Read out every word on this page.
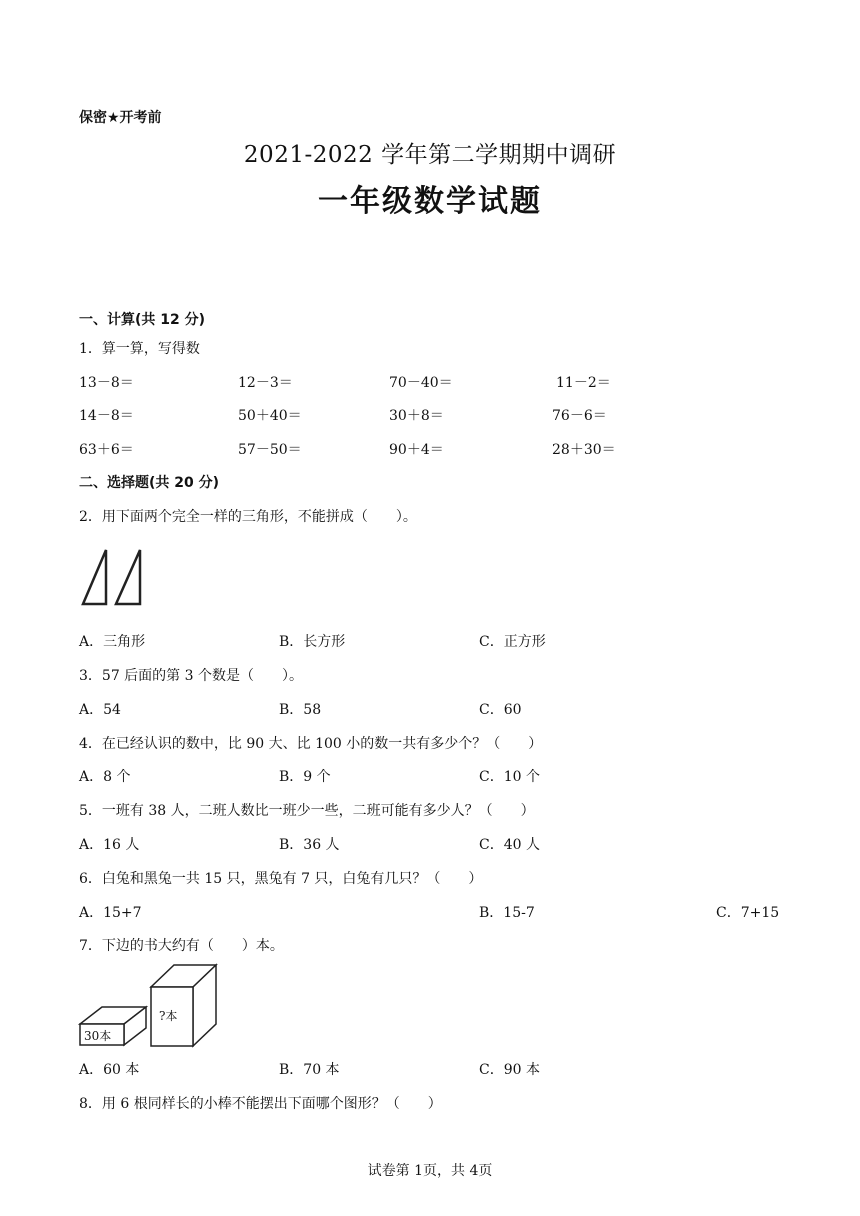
保密★开考前
2021-2022 学年第二学期期中调研
一年级数学试题
一、计算(共 12 分)
1．算一算，写得数
13－8＝	12－3＝	70－40＝	11－2＝
14－8＝	50＋40＝	30＋8＝	76－6＝
63＋6＝	57－50＝	90＋4＝	28＋30＝
二、选择题(共 20 分)
2．用下面两个完全一样的三角形，不能拼成（　　）。
A．三角形	B．长方形	C．正方形
3．57 后面的第 3 个数是（　　）。
A．54	B．58	C．60
4．在已经认识的数中，比 90 大、比 100 小的数一共有多少个？（　　）
A．8 个	B．9 个	C．10 个
5．一班有 38 人，二班人数比一班少一些，二班可能有多少人？（　　）
A．16 人	B．36 人	C．40 人
6．白兔和黑兔一共 15 只，黑兔有 7 只，白兔有几只？（　　）
A．15+7	B．15-7	C．7+15
7．下边的书大约有（　　）本。
30本
?本
A．60 本	B．70 本	C．90 本
8．用 6 根同样长的小棒不能摆出下面哪个图形？（　　）
试卷第 1页，共 4页
